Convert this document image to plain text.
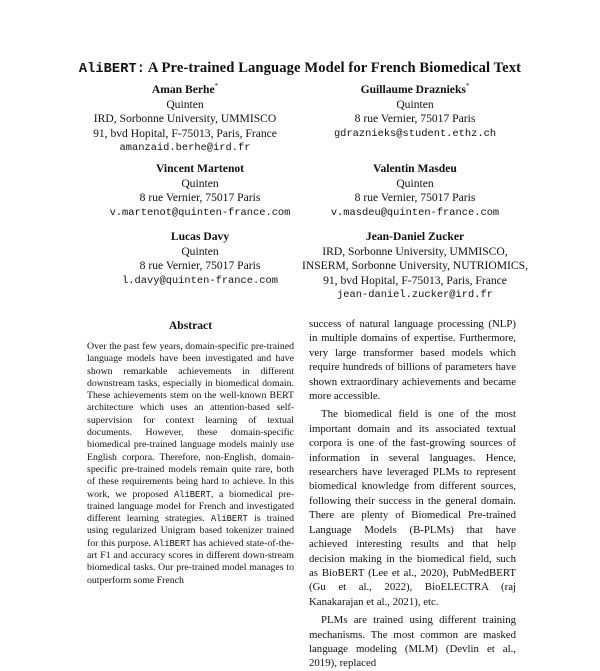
AliBERT: A Pre-trained Language Model for French Biomedical Text
Aman Berhe*
Quinten
IRD, Sorbonne University, UMMISCO
91, bvd Hopital, F-75013, Paris, France
amanzaid.berhe@ird.fr
Guillaume Draznieks*
Quinten
8 rue Vernier, 75017 Paris
gdraznieks@student.ethz.ch
Vincent Martenot
Quinten
8 rue Vernier, 75017 Paris
v.martenot@quinten-france.com
Valentin Masdeu
Quinten
8 rue Vernier, 75017 Paris
v.masdeu@quinten-france.com
Lucas Davy
Quinten
8 rue Vernier, 75017 Paris
l.davy@quinten-france.com
Jean-Daniel Zucker
IRD, Sorbonne University, UMMISCO,
INSERM, Sorbonne University, NUTRIOMICS,
91, bvd Hopital, F-75013, Paris, France
jean-daniel.zucker@ird.fr
Abstract
Over the past few years, domain-specific pre-trained language models have been investigated and have shown remarkable achievements in different downstream tasks, especially in biomedical domain. These achievements stem on the well-known BERT architecture which uses an attention-based self-supervision for context learning of textual documents. However, these domain-specific biomedical pre-trained language models mainly use English corpora. Therefore, non-English, domain-specific pre-trained models remain quite rare, both of these requirements being hard to achieve. In this work, we proposed AliBERT, a biomedical pre-trained language model for French and investigated different learning strategies. AliBERT is trained using regularized Unigram based tokenizer trained for this purpose. AliBERT has achieved state-of-the-art F1 and accuracy scores in different down-stream biomedical tasks. Our pre-trained model manages to outperform some French

success of natural language processing (NLP) in multiple domains of expertise. Furthermore, very large transformer based models which require hundreds of billions of parameters have shown extraordinary achievements and became more accessible.

The biomedical field is one of the most important domain and its associated textual corpora is one of the fast-growing sources of information in several languages. Hence, researchers have leveraged PLMs to represent biomedical knowledge from different sources, following their success in the general domain. There are plenty of Biomedical Pre-trained Language Models (B-PLMs) that have achieved interesting results and that help decision making in the biomedical field, such as BioBERT (Lee et al., 2020), PubMedBERT (Gu et al., 2022), BioELECTRA (raj Kanakarajan et al., 2021), etc.

PLMs are trained using different training mechanisms. The most common are masked language modeling (MLM) (Devlin et al., 2019), replaced
